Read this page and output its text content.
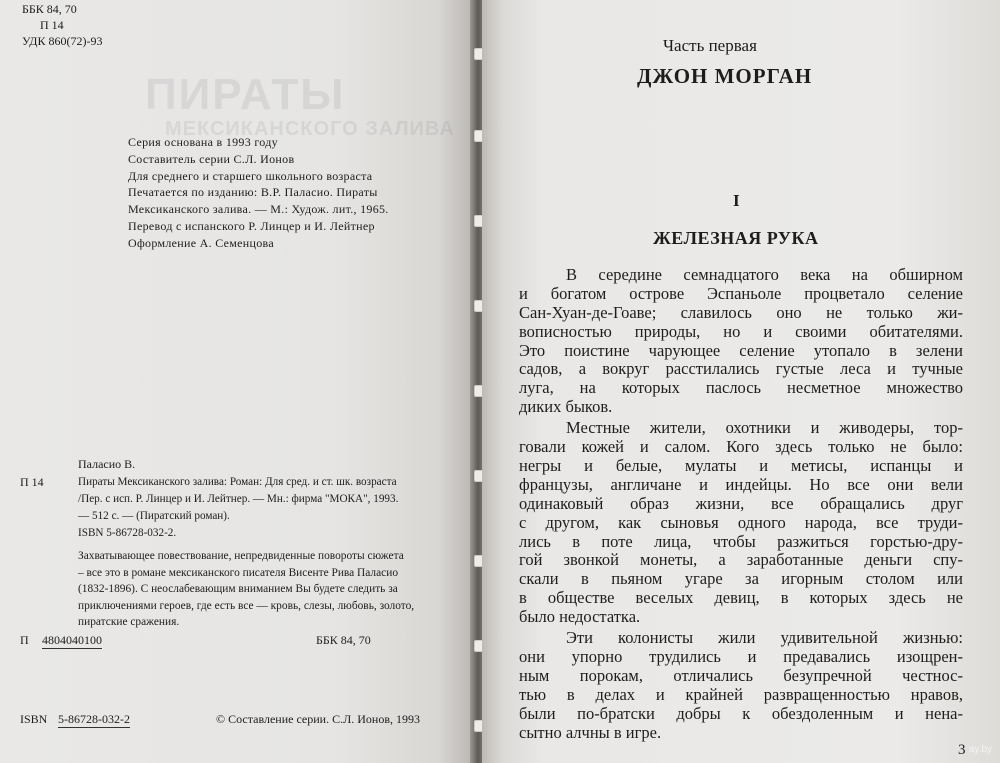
ПИРАТЫ
МЕКСИКАНСКОГО ЗАЛИВА
ББК 84, 70
П 14
УДК 860(72)-93
Серия основана в 1993 году
Составитель серии С.Л. Ионов
Для среднего и старшего школьного возраста
Печатается по изданию: В.Р. Паласио. Пираты
Мексиканского залива. — М.: Худож. лит., 1965.
Перевод с испанского Р. Линцер и И. Лейтнер
Оформление А. Семенцова
Паласио В.
П 14	Пираты Мексиканского залива: Роман: Для сред. и ст. шк. возраста
/Пер. с исп. Р. Линцер и И. Лейтнер. — Мн.: фирма "МОКА", 1993.
— 512 с. — (Пиратский роман).
ISBN 5-86728-032-2.
Захватывающее повествование, непредвиденные повороты сюжета
– все это в романе мексиканского писателя Висенте Рива Паласио
(1832-1896). С неослабевающим вниманием Вы будете следить за
приключениями героев, где есть все — кровь, слезы, любовь, золото,
пиратские сражения.
П 4804040100	ББК 84, 70
ISBN 5-86728-032-2	© Составление серии. С.Л. Ионов, 1993
Часть первая
ДЖОН МОРГАН
I
ЖЕЛЕЗНАЯ РУКА
В середине семнадцатого века на обширном
и богатом острове Эспаньоле процветало селение
Сан-Хуан-де-Гоаве; славилось оно не только жи-
вописностью природы, но и своими обитателями.
Это поистине чарующее селение утопало в зелени
садов, а вокруг расстилались густые леса и тучные
луга, на которых паслось несметное множество
диких быков.
Местные жители, охотники и живодеры, тор-
говали кожей и салом. Кого здесь только не было:
негры и белые, мулаты и метисы, испанцы и
французы, англичане и индейцы. Но все они вели
одинаковый образ жизни, все обращались друг
с другом, как сыновья одного народа, все труди-
лись в поте лица, чтобы разжиться горстью-дру-
гой звонкой монеты, а заработанные деньги спу-
скали в пьяном угаре за игорным столом или
в обществе веселых девиц, в которых здесь не
было недостатка.
Эти колонисты жили удивительной жизнью:
они упорно трудились и предавались изощрен-
ным порокам, отличались безупречной честнос-
тью в делах и крайней развращенностью нравов,
были по-братски добры к обездоленным и нена-
сытно алчны в игре.
3 ay.by
